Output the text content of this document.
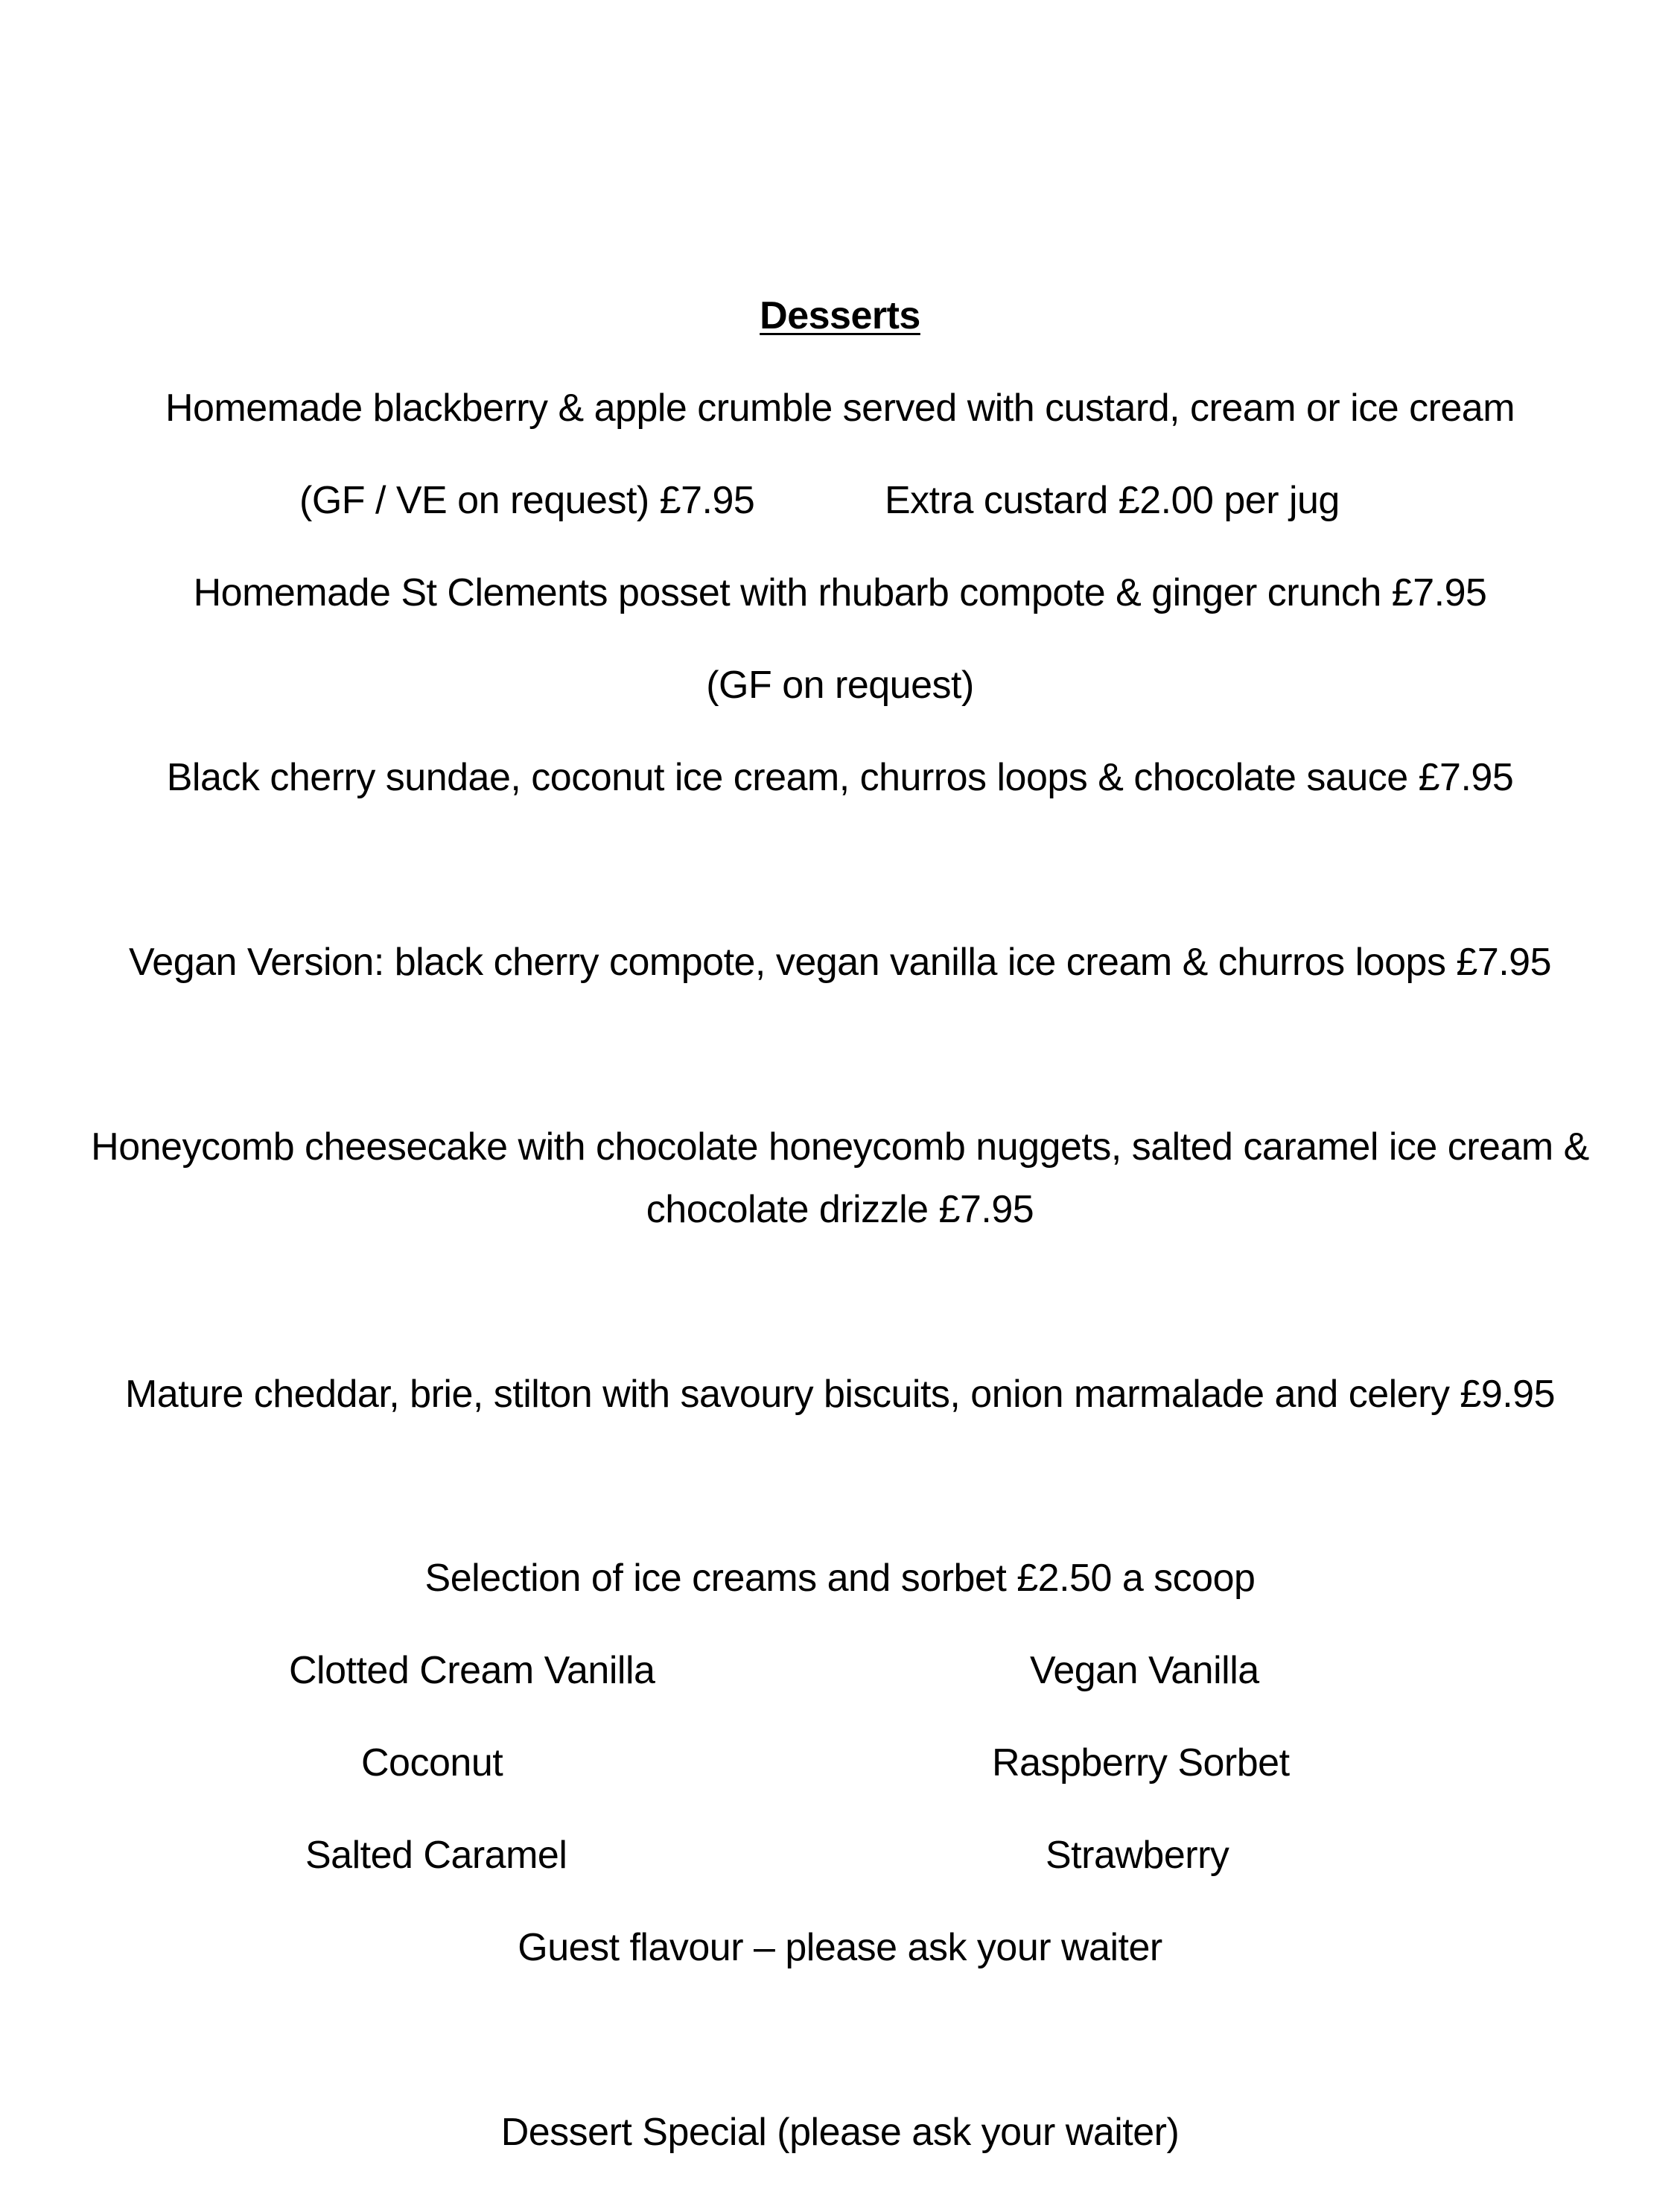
Desserts
Homemade blackberry & apple crumble served with custard, cream or ice cream
(GF / VE on request) £7.95	Extra custard £2.00 per jug
Homemade St Clements posset with rhubarb compote & ginger crunch £7.95
(GF on request)
Black cherry sundae, coconut ice cream, churros loops & chocolate sauce £7.95
Vegan Version: black cherry compote, vegan vanilla ice cream & churros loops £7.95
Honeycomb cheesecake with chocolate honeycomb nuggets, salted caramel ice cream & chocolate drizzle £7.95
Mature cheddar, brie, stilton with savoury biscuits, onion marmalade and celery £9.95
Selection of ice creams and sorbet £2.50 a scoop
Clotted Cream Vanilla	Vegan Vanilla
Coconut	Raspberry Sorbet
Salted Caramel	Strawberry
Guest flavour – please ask your waiter
Dessert Special (please ask your waiter)
